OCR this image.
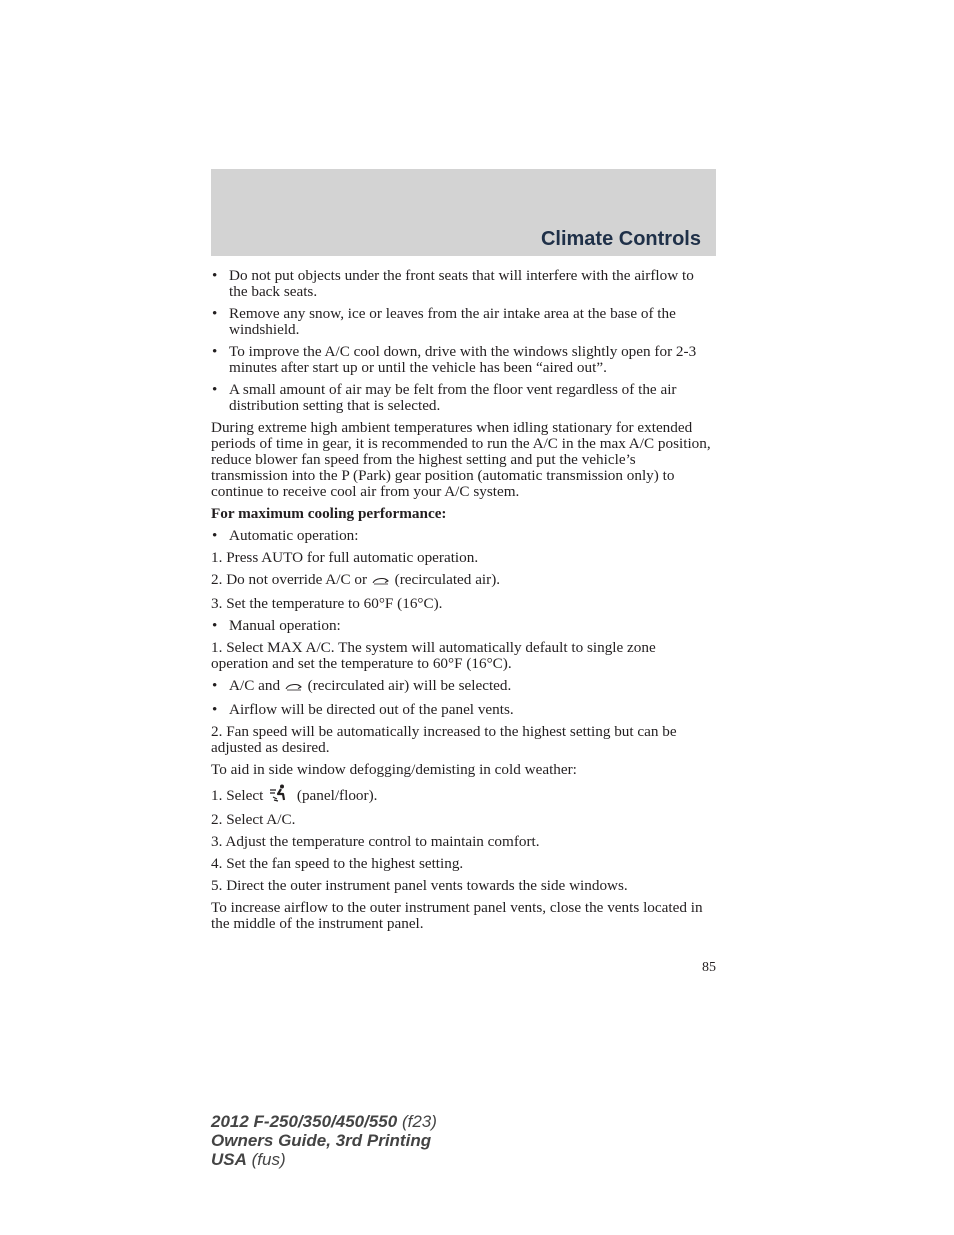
Climate Controls
• Do not put objects under the front seats that will interfere with the airflow to the back seats.
• Remove any snow, ice or leaves from the air intake area at the base of the windshield.
• To improve the A/C cool down, drive with the windows slightly open for 2-3 minutes after start up or until the vehicle has been “aired out”.
• A small amount of air may be felt from the floor vent regardless of the air distribution setting that is selected.
During extreme high ambient temperatures when idling stationary for extended periods of time in gear, it is recommended to run the A/C in the max A/C position, reduce blower fan speed from the highest setting and put the vehicle’s transmission into the P (Park) gear position (automatic transmission only) to continue to receive cool air from your A/C system.
For maximum cooling performance:
• Automatic operation:
1. Press AUTO for full automatic operation.
2. Do not override A/C or (recirculated air).
3. Set the temperature to 60°F (16°C).
• Manual operation:
1. Select MAX A/C. The system will automatically default to single zone operation and set the temperature to 60°F (16°C).
• A/C and (recirculated air) will be selected.
• Airflow will be directed out of the panel vents.
2. Fan speed will be automatically increased to the highest setting but can be adjusted as desired.
To aid in side window defogging/demisting in cold weather:
1. Select (panel/floor).
2. Select A/C.
3. Adjust the temperature control to maintain comfort.
4. Set the fan speed to the highest setting.
5. Direct the outer instrument panel vents towards the side windows.
To increase airflow to the outer instrument panel vents, close the vents located in the middle of the instrument panel.
85
2012 F-250/350/450/550 (f23)
Owners Guide, 3rd Printing
USA (fus)
